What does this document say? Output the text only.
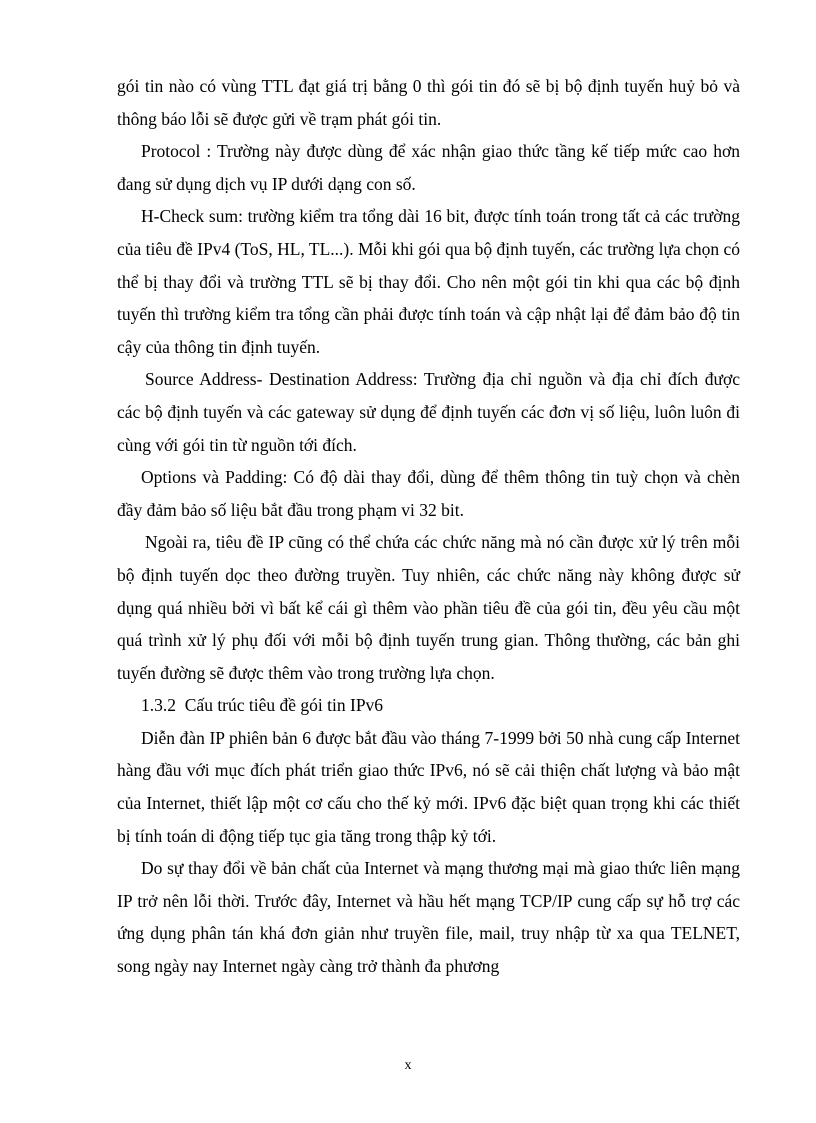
gói tin nào có vùng TTL đạt giá trị bằng 0 thì gói tin đó sẽ bị bộ định tuyến huỷ bỏ và thông báo lỗi sẽ được gửi về trạm phát gói tin.

Protocol : Trường này được dùng để xác nhận giao thức tầng kế tiếp mức cao hơn đang sử dụng dịch vụ IP dưới dạng con số.

H-Check sum: trường kiểm tra tổng dài 16 bit, được tính toán trong tất cả các trường của tiêu đề IPv4 (ToS, HL, TL...). Mỗi khi gói qua bộ định tuyến, các trường lựa chọn có thể bị thay đổi và trường TTL sẽ bị thay đổi. Cho nên một gói tin khi qua các bộ định tuyến thì trường kiểm tra tổng cần phải được tính toán và cập nhật lại để đảm bảo độ tin cậy của thông tin định tuyến.

Source Address- Destination Address: Trường địa chỉ nguồn và địa chỉ đích được các bộ định tuyến và các gateway sử dụng để định tuyến các đơn vị số liệu, luôn luôn đi cùng với gói tin từ nguồn tới đích.

Options và Padding: Có độ dài thay đổi, dùng để thêm thông tin tuỳ chọn và chèn đầy đảm bảo số liệu bắt đầu trong phạm vi 32 bit.

Ngoài ra, tiêu đề IP cũng có thể chứa các chức năng mà nó cần được xử lý trên mỗi bộ định tuyến dọc theo đường truyền. Tuy nhiên, các chức năng này không được sử dụng quá nhiều bởi vì bất kể cái gì thêm vào phần tiêu đề của gói tin, đều yêu cầu một quá trình xử lý phụ đối với mỗi bộ định tuyến trung gian. Thông thường, các bản ghi tuyến đường sẽ được thêm vào trong trường lựa chọn.

1.3.2  Cấu trúc tiêu đề gói tin IPv6

Diễn đàn IP phiên bản 6 được bắt đầu vào tháng 7-1999 bởi 50 nhà cung cấp Internet hàng đầu với mục đích phát triển giao thức IPv6, nó sẽ cải thiện chất lượng và bảo mật của Internet, thiết lập một cơ cấu cho thế kỷ mới. IPv6 đặc biệt quan trọng khi các thiết bị tính toán di động tiếp tục gia tăng trong thập kỷ tới.

Do sự thay đổi về bản chất của Internet và mạng thương mại mà giao thức liên mạng IP trở nên lỗi thời. Trước đây, Internet và hầu hết mạng TCP/IP cung cấp sự hỗ trợ các ứng dụng phân tán khá đơn giản như truyền file, mail, truy nhập từ xa qua TELNET, song ngày nay Internet ngày càng trở thành đa phương

x
